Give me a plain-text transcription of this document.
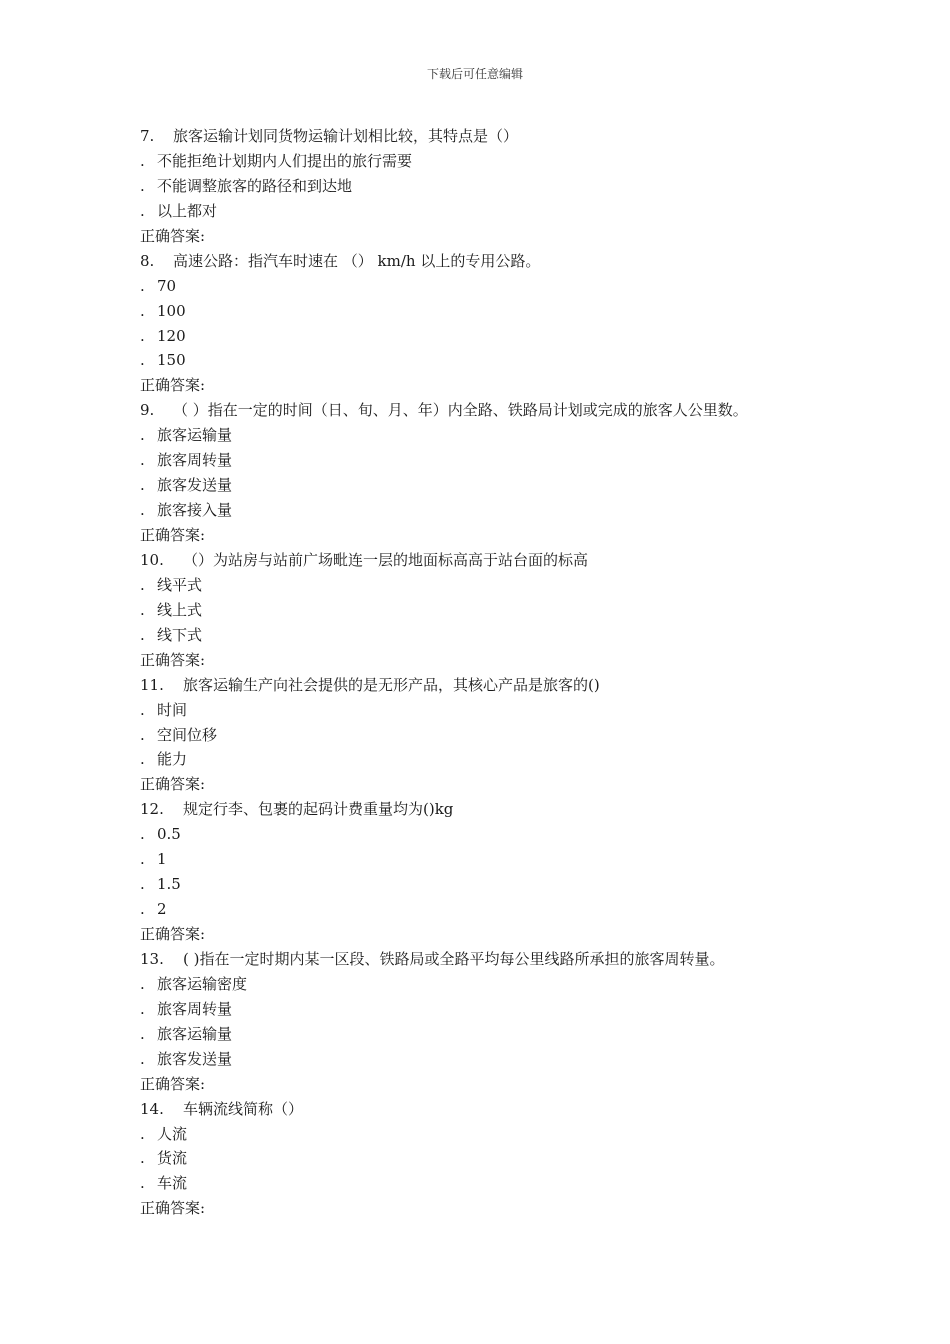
下载后可任意编辑
7. 旅客运输计划同货物运输计划相比较，其特点是（）
. 不能拒绝计划期内人们提出的旅行需要
. 不能调整旅客的路径和到达地
. 以上都对
正确答案:
8. 高速公路：指汽车时速在 （） km/h 以上的专用公路。
. 70
. 100
. 120
. 150
正确答案:
9. （ ）指在一定的时间（日、旬、月、年）内全路、铁路局计划或完成的旅客人公里数。
. 旅客运输量
. 旅客周转量
. 旅客发送量
. 旅客接入量
正确答案:
10. （）为站房与站前广场毗连一层的地面标高高于站台面的标高
. 线平式
. 线上式
. 线下式
正确答案:
11. 旅客运输生产向社会提供的是无形产品，其核心产品是旅客的()
. 时间
. 空间位移
. 能力
正确答案:
12. 规定行李、包裹的起码计费重量均为()kg
. 0.5
. 1
. 1.5
. 2
正确答案:
13. ( )指在一定时期内某一区段、铁路局或全路平均每公里线路所承担的旅客周转量。
. 旅客运输密度
. 旅客周转量
. 旅客运输量
. 旅客发送量
正确答案:
14. 车辆流线简称（）
. 人流
. 货流
. 车流
正确答案:
